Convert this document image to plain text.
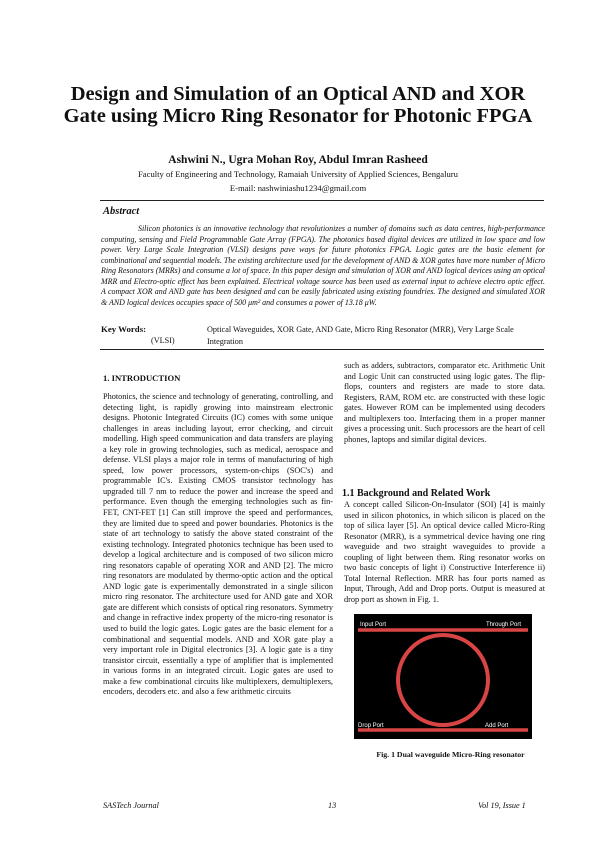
Design and Simulation of an Optical AND and XOR Gate using Micro Ring Resonator for Photonic FPGA
Ashwini N., Ugra Mohan Roy, Abdul Imran Rasheed
Faculty of Engineering and Technology, Ramaiah University of Applied Sciences, Bengaluru
E-mail: nashwiniashu1234@gmail.com
Abstract
Silicon photonics is an innovative technology that revolutionizes a number of domains such as data centres, high-performance computing, sensing and Field Programmable Gate Array (FPGA). The photonics based digital devices are utilized in low space and low power. Very Large Scale Integration (VLSI) designs pave ways for future photonics FPGA. Logic gates are the basic element for combinational and sequential models. The existing architecture used for the development of AND & XOR gates have more number of Micro Ring Resonators (MRRs) and consume a lot of space. In this paper design and simulation of XOR and AND logical devices using an optical MRR and Electro-optic effect has been explained. Electrical voltage source has been used as external input to achieve electro optic effect. A compact XOR and AND gate has been designed and can be easily fabricated using existing foundries. The designed and simulated XOR & AND logical devices occupies space of 500 μm² and consumes a power of 13.18 μW.
Key Words:	Optical Waveguides, XOR Gate, AND Gate, Micro Ring Resonator (MRR), Very Large Scale Integration
(VLSI)
1. INTRODUCTION
Photonics, the science and technology of generating, controlling, and detecting light, is rapidly growing into mainstream electronic designs. Photonic Integrated Circuits (IC) comes with some unique challenges in areas including layout, error checking, and circuit modelling. High speed communication and data transfers are playing a key role in growing technologies, such as medical, aerospace and defense. VLSI plays a major role in terms of manufacturing of high speed, low power processors, system-on-chips (SOC's) and programmable IC's. Existing CMOS transistor technology has upgraded till 7 nm to reduce the power and increase the speed and performance. Even though the emerging technologies such as fin-FET, CNT-FET [1] Can still improve the speed and performances, they are limited due to speed and power boundaries. Photonics is the state of art technology to satisfy the above stated constraint of the existing technology. Integrated photonics technique has been used to develop a logical architecture and is composed of two silicon micro ring resonators capable of operating XOR and AND [2]. The micro ring resonators are modulated by thermo-optic action and the optical AND logic gate is experimentally demonstrated in a single silicon micro ring resonator. The architecture used for AND gate and XOR gate are different which consists of optical ring resonators. Symmetry and change in refractive index property of the micro-ring resonator is used to build the logic gates. Logic gates are the basic element for a combinational and sequential models. AND and XOR gate play a very important role in Digital electronics [3]. A logic gate is a tiny transistor circuit, essentially a type of amplifier that is implemented in various forms in an integrated circuit. Logic gates are used to make a few combinational circuits like multiplexers, demultiplexers, encoders, decoders etc. and also a few arithmetic circuits
such as adders, subtractors, comparator etc. Arithmetic Unit and Logic Unit can constructed using logic gates. The flip-flops, counters and registers are made to store data. Registers, RAM, ROM etc. are constructed with these logic gates. However ROM can be implemented using decoders and multiplexers too. Interfacing them in a proper manner gives a processing unit. Such processors are the heart of cell phones, laptops and similar digital devices.
1.1 Background and Related Work
A concept called Silicon-On-Insulator (SOI) [4] is mainly used in silicon photonics, in which silicon is placed on the top of silica layer [5]. An optical device called Micro-Ring Resonator (MRR), is a symmetrical device having one ring waveguide and two straight waveguides to provide a coupling of light between them. Ring resonator works on two basic concepts of light i) Constructive Interference ii) Total Internal Reflection. MRR has four ports named as Input, Through, Add and Drop ports. Output is measured at drop port as shown in Fig. 1.
Input Port	Through Port
Drop Port	Add Port
Fig. 1 Dual waveguide Micro-Ring resonator
SASTech Journal	13	Vol 19, Issue 1
